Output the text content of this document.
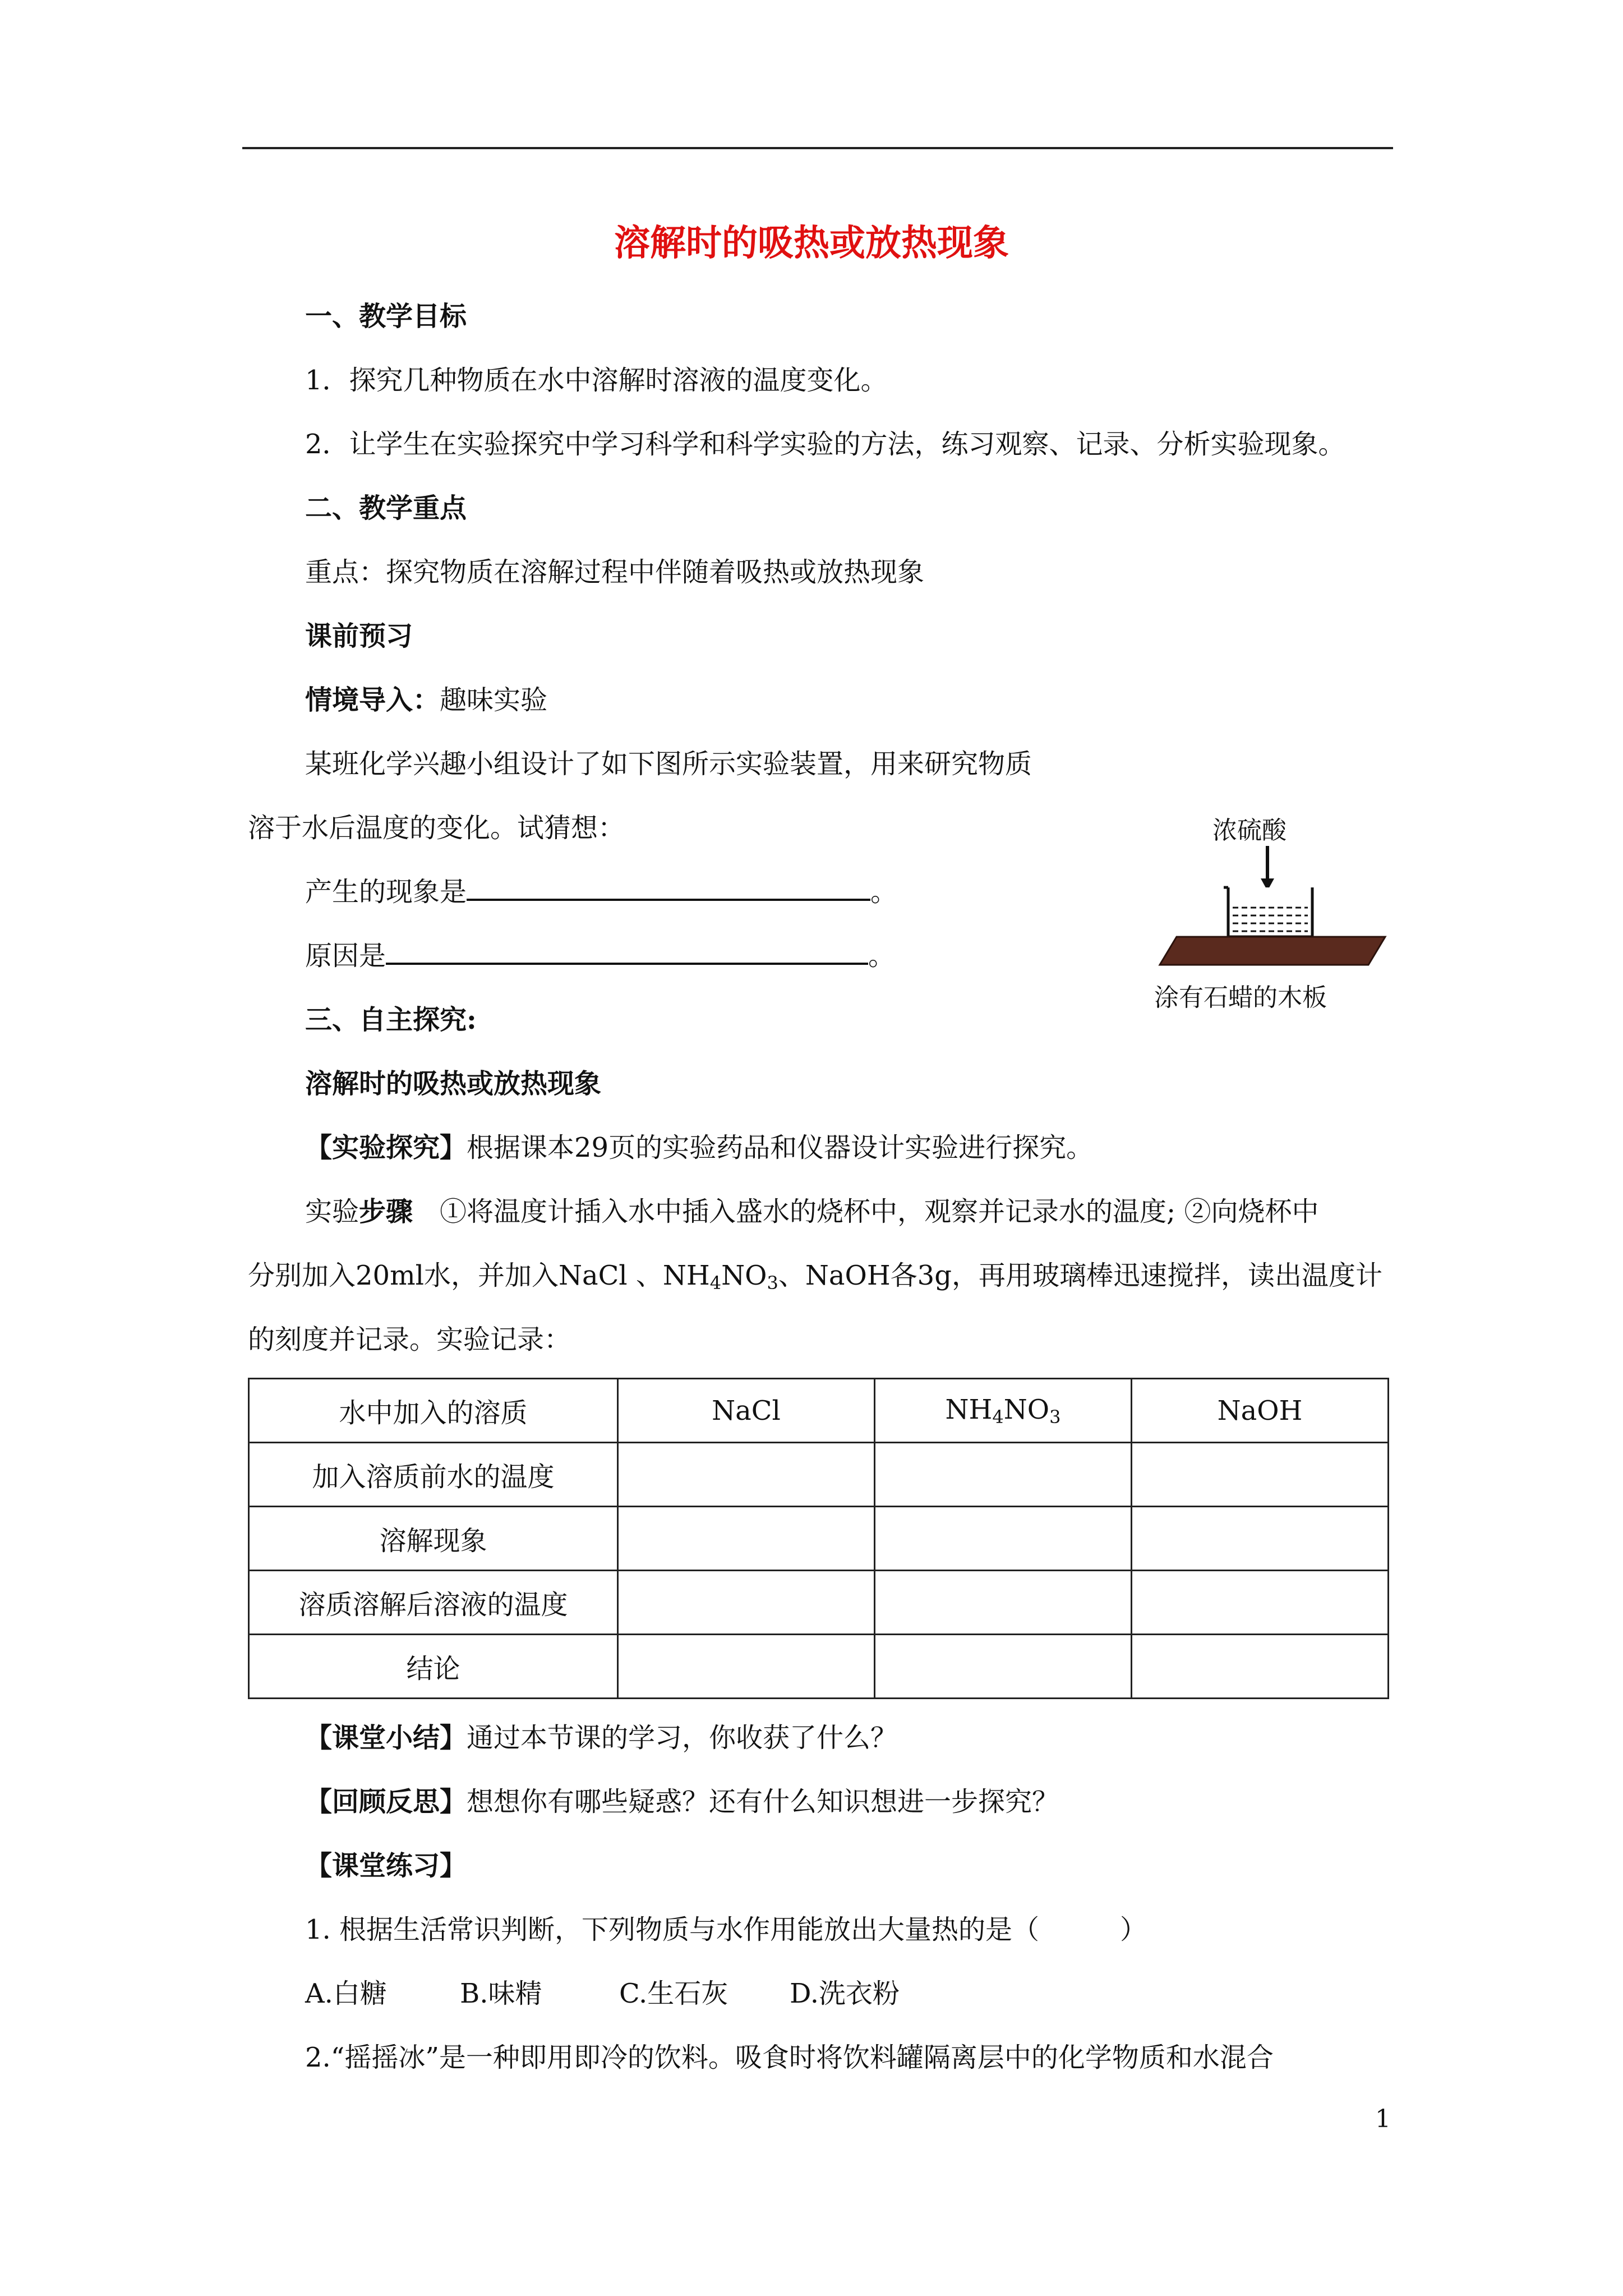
溶解时的吸热或放热现象
一、教学目标
1．探究几种物质在水中溶解时溶液的温度变化。
2．让学生在实验探究中学习科学和科学实验的方法，练习观察、记录、分析实验现象。
二、教学重点
重点：探究物质在溶解过程中伴随着吸热或放热现象
课前预习
情境导入：趣味实验
某班化学兴趣小组设计了如下图所示实验装置，用来研究物质
溶于水后温度的变化。试猜想：
产生的现象是	。
原因是	。
浓硫酸
涂有石蜡的木板
三、自主探究:
溶解时的吸热或放热现象
【实验探究】根据课本29页的实验药品和仪器设计实验进行探究。
实验步骤  ①将温度计插入水中插入盛水的烧杯中，观察并记录水的温度; ②向烧杯中
分别加入20ml水，并加入NaCl 、$NH_4NO_3$、NaOH各3g，再用玻璃棒迅速搅拌，读出温度计
的刻度并记录。实验记录：
水中加入的溶质	NaCl	$NH_4NO_3$	NaOH
加入溶质前水的温度			
溶解现象			
溶质溶解后溶液的温度			
结论			
【课堂小结】通过本节课的学习，你收获了什么？
【回顾反思】想想你有哪些疑惑？还有什么知识想进一步探究？
【课堂练习】
1. 根据生活常识判断，下列物质与水作用能放出大量热的是（　　　）
A.白糖	B.味精	C.生石灰 D.洗衣粉
2.“摇摇冰”是一种即用即冷的饮料。吸食时将饮料罐隔离层中的化学物质和水混合
1
